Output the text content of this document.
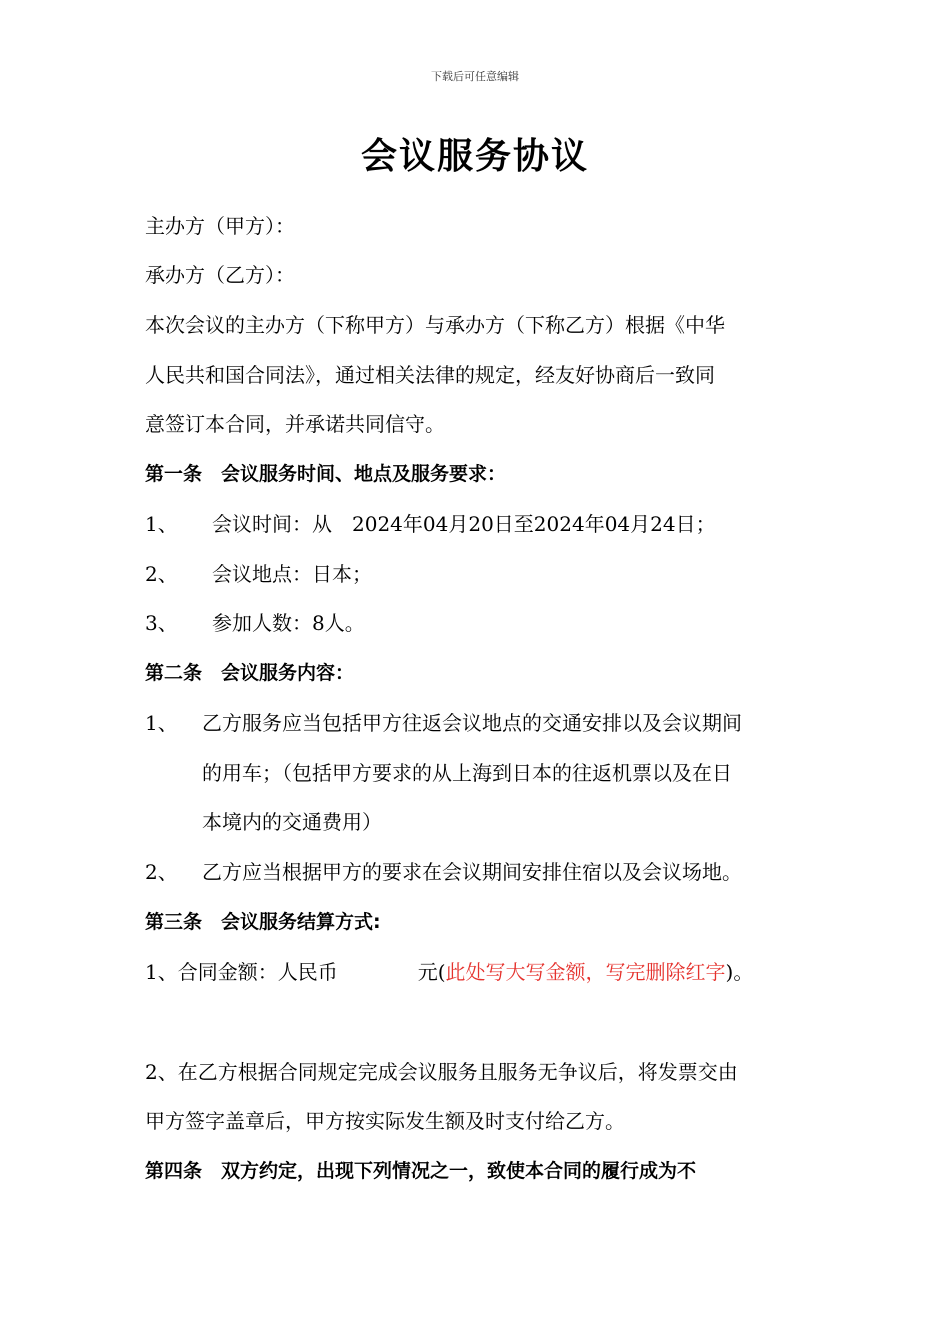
下载后可任意编辑
会议服务协议
主办方（甲方）：
承办方（乙方）：
本次会议的主办方（下称甲方）与承办方（下称乙方）根据《中华
人民共和国合同法》，通过相关法律的规定，经友好协商后一致同
意签订本合同，并承诺共同信守。
第一条　会议服务时间、地点及服务要求：
1、 会议时间：从　2024年04月20日至2024年04月24日；
2、 会议地点：日本；
3、 参加人数：8人。
第二条　会议服务内容：
1、 乙方服务应当包括甲方往返会议地点的交通安排以及会议期间
的用车；（包括甲方要求的从上海到日本的往返机票以及在日
本境内的交通费用）
2、 乙方应当根据甲方的要求在会议期间安排住宿以及会议场地。
第三条　会议服务结算方式:
1、合同金额：人民币	元(此处写大写金额，写完删除红字)。
2、在乙方根据合同规定完成会议服务且服务无争议后，将发票交由
甲方签字盖章后，甲方按实际发生额及时支付给乙方。
第四条　双方约定，出现下列情况之一，致使本合同的履行成为不
